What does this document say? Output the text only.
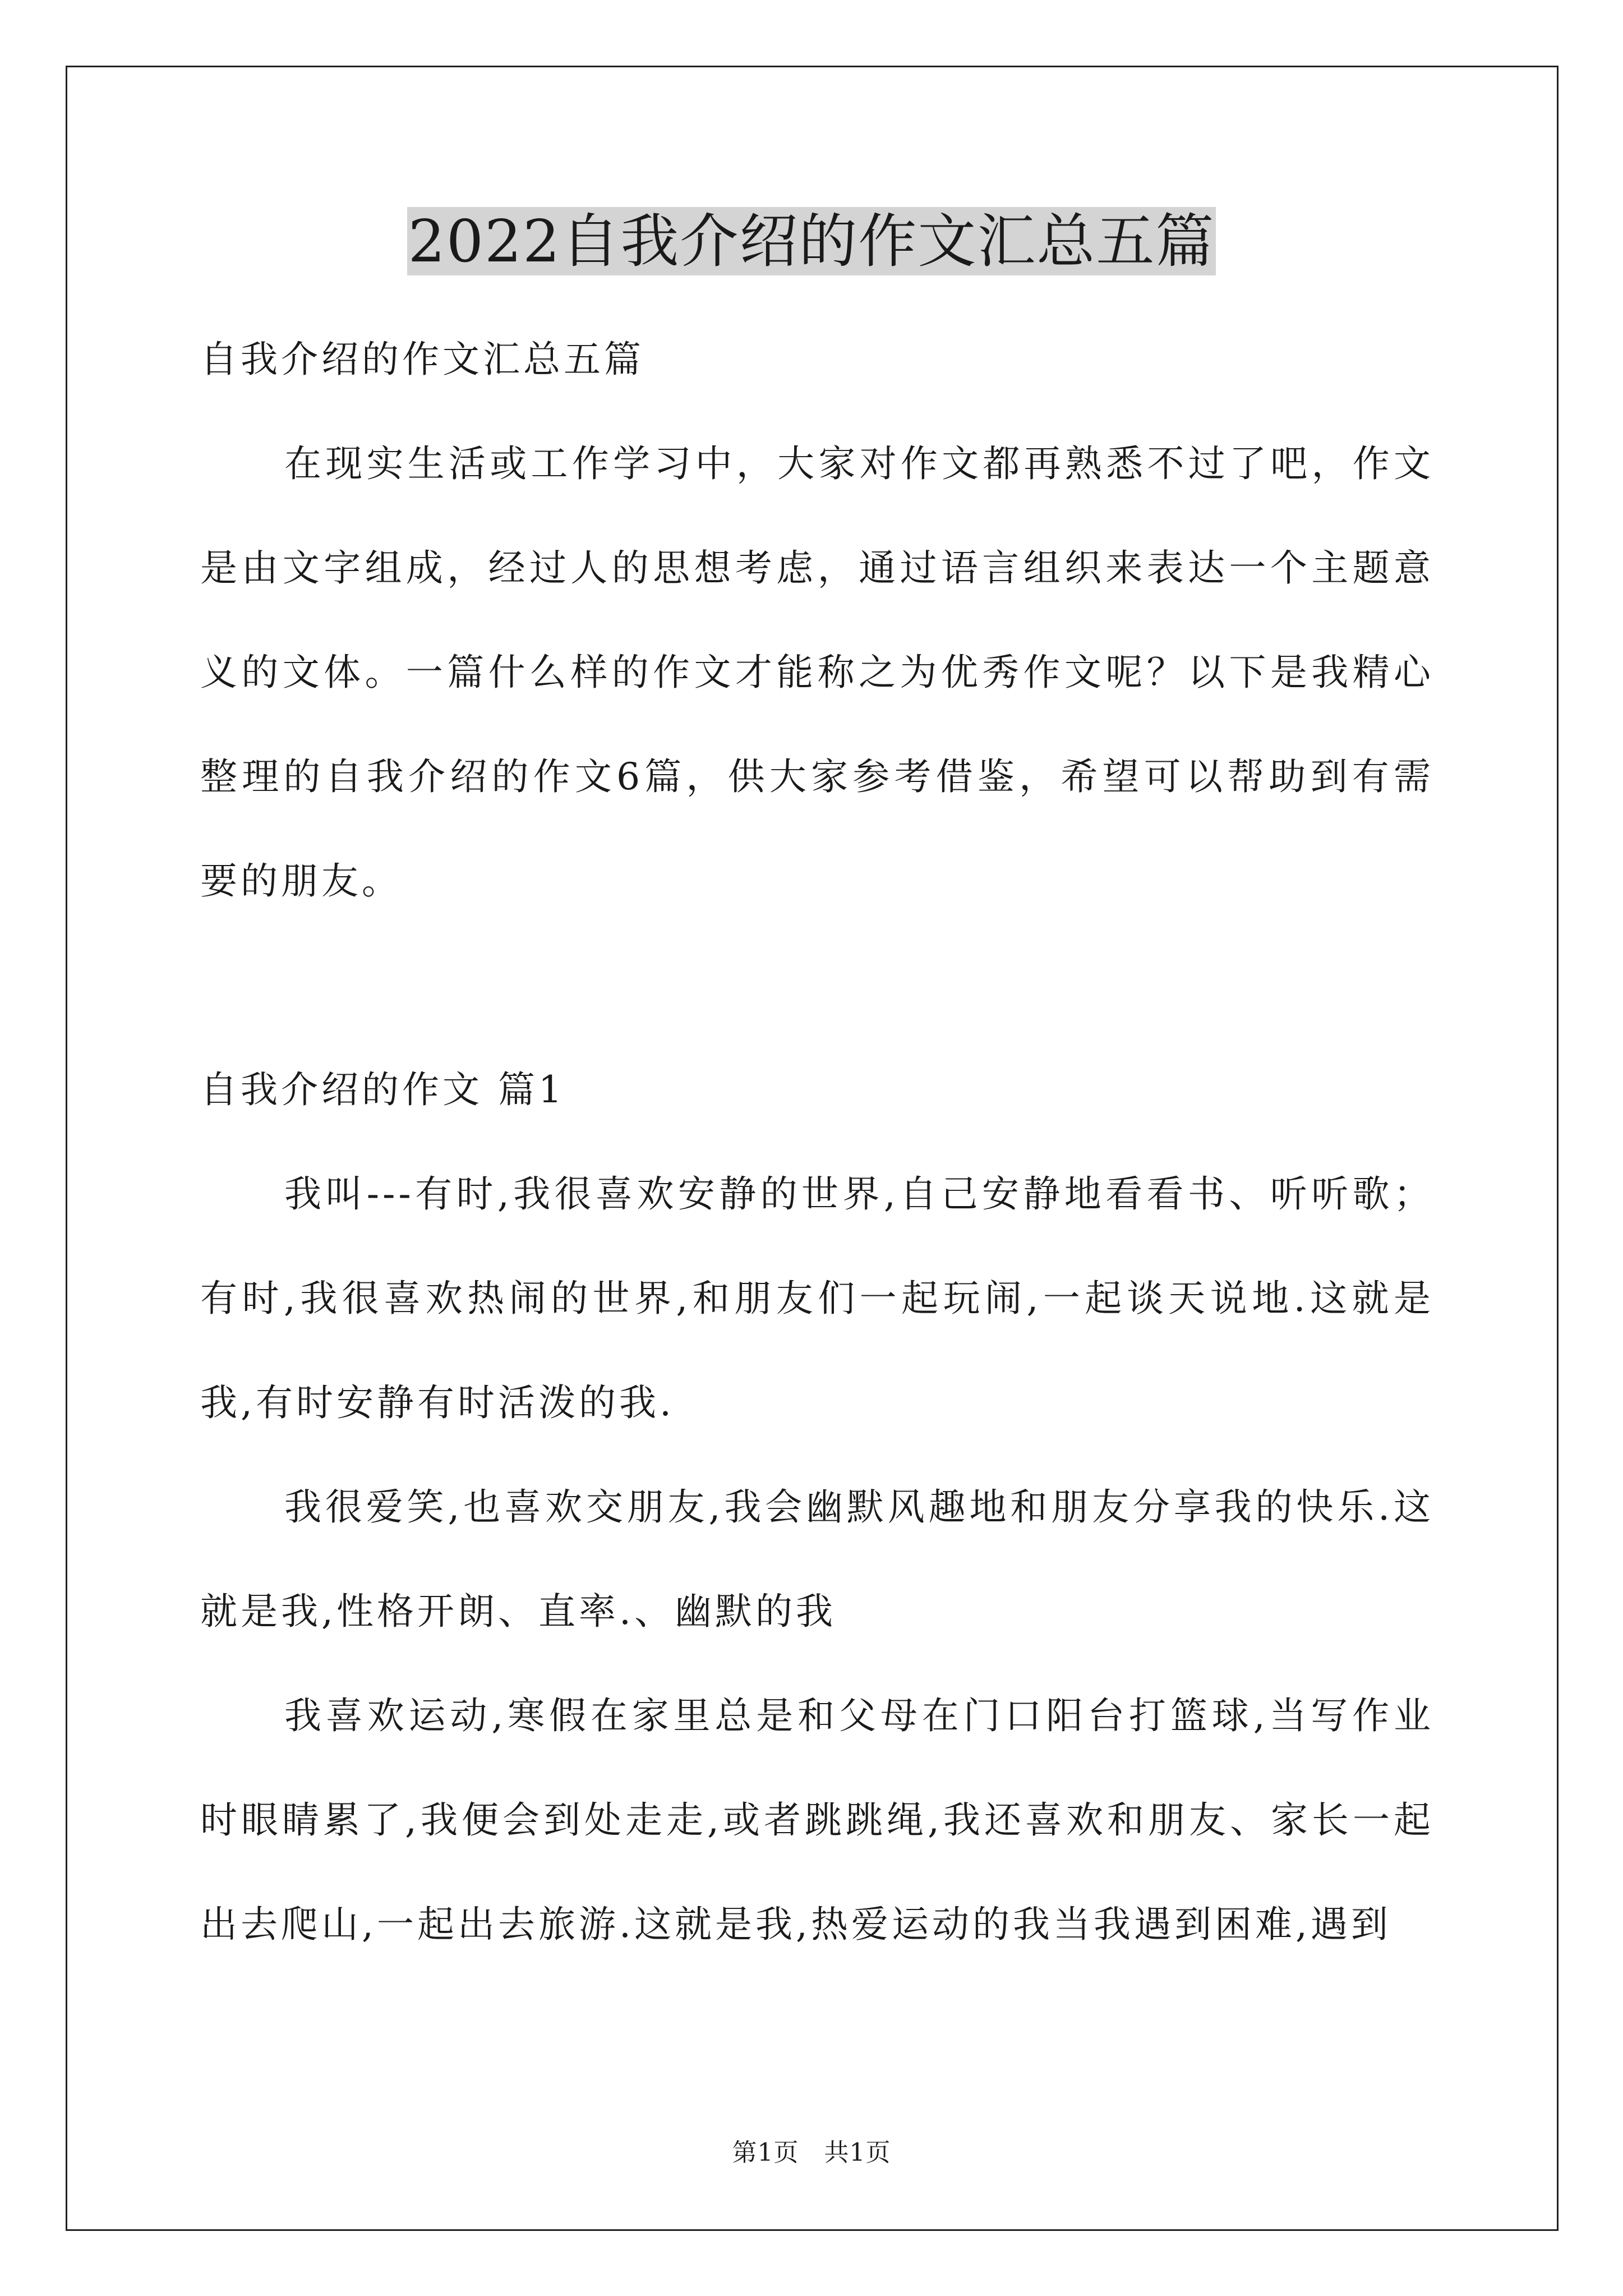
2022自我介绍的作文汇总五篇

自我介绍的作文汇总五篇

在现实生活或工作学习中，大家对作文都再熟悉不过了吧，作文是由文字组成，经过人的思想考虑，通过语言组织来表达一个主题意义的文体。一篇什么样的作文才能称之为优秀作文呢？以下是我精心整理的自我介绍的作文6篇，供大家参考借鉴，希望可以帮助到有需要的朋友。

自我介绍的作文 篇1

我叫---有时,我很喜欢安静的世界,自己安静地看看书、听听歌；有时,我很喜欢热闹的世界,和朋友们一起玩闹,一起谈天说地.这就是我,有时安静有时活泼的我.

我很爱笑,也喜欢交朋友,我会幽默风趣地和朋友分享我的快乐.这就是我,性格开朗、直率.、幽默的我

我喜欢运动,寒假在家里总是和父母在门口阳台打篮球,当写作业时眼睛累了,我便会到处走走,或者跳跳绳,我还喜欢和朋友、家长一起出去爬山,一起出去旅游.这就是我,热爱运动的我当我遇到困难,遇到

第1页　共1页
